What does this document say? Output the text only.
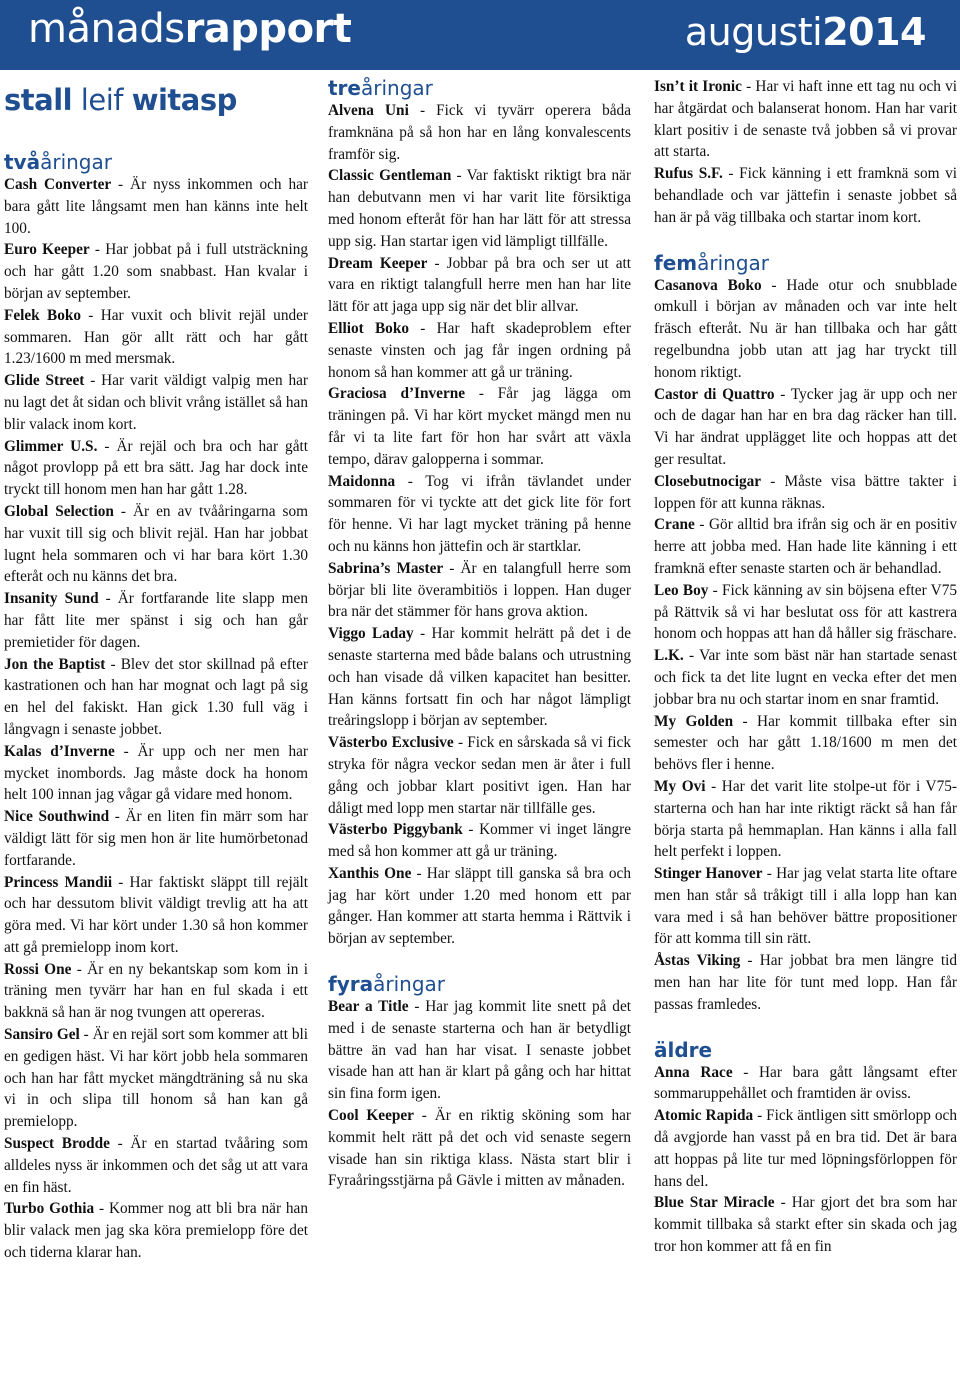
månadsrapport	augusti2014
stall leif witasp
tvååringar

Cash Converter - Är nyss inkommen och har bara gått lite långsamt men han känns inte helt 100.

Euro Keeper - Har jobbat på i full utsträckning och har gått 1.20 som snabbast. Han kvalar i början av september.

Felek Boko - Har vuxit och blivit rejäl under sommaren. Han gör allt rätt och har gått 1.23/1600 m med mersmak.

Glide Street - Har varit väldigt valpig men har nu lagt det åt sidan och blivit vrång istället så han blir valack inom kort.

Glimmer U.S. - Är rejäl och bra och har gått något provlopp på ett bra sätt. Jag har dock inte tryckt till honom men han har gått 1.28.

Global Selection - Är en av tvååringarna som har vuxit till sig och blivit rejäl. Han har jobbat lugnt hela sommaren och vi har bara kört 1.30 efteråt och nu känns det bra.

Insanity Sund - Är fortfarande lite slapp men har fått lite mer spänst i sig och han går premietider för dagen.

Jon the Baptist - Blev det stor skillnad på efter kastrationen och han har mognat och lagt på sig en hel del fakiskt. Han gick 1.30 full väg i långvagn i senaste jobbet.

Kalas d’Inverne - Är upp och ner men har mycket inombords. Jag måste dock ha honom helt 100 innan jag vågar gå vidare med honom.

Nice Southwind - Är en liten fin märr som har väldigt lätt för sig men hon är lite humörbetonad fortfarande.

Princess Mandii - Har faktiskt släppt till rejält och har dessutom blivit väldigt trevlig att ha att göra med. Vi har kört under 1.30 så hon kommer att gå premielopp inom kort.

Rossi One - Är en ny bekantskap som kom in i träning men tyvärr har han en ful skada i ett bakknä så han är nog tvungen att opereras.

Sansiro Gel - Är en rejäl sort som kommer att bli en gedigen häst. Vi har kört jobb hela sommaren och han har fått mycket mängdträning så nu ska vi in och slipa till honom så han kan gå premielopp.

Suspect Brodde - Är en startad tvååring som alldeles nyss är inkommen och det såg ut att vara en fin häst.

Turbo Gothia - Kommer nog att bli bra när han blir valack men jag ska köra premielopp före det och tiderna klarar han.

treåringar

Alvena Uni - Fick vi tyvärr operera båda framknäna på så hon har en lång konvalescents framför sig.

Classic Gentleman - Var faktiskt riktigt bra när han debutvann men vi har varit lite försiktiga med honom efteråt för han har lätt för att stressa upp sig. Han startar igen vid lämpligt tillfälle.

Dream Keeper - Jobbar på bra och ser ut att vara en riktigt talangfull herre men han har lite lätt för att jaga upp sig när det blir allvar.

Elliot Boko - Har haft skadeproblem efter senaste vinsten och jag får ingen ordning på honom så han kommer att gå ur träning.

Graciosa d’Inverne - Får jag lägga om träningen på. Vi har kört mycket mängd men nu får vi ta lite fart för hon har svårt att växla tempo, därav galopperna i sommar.

Maidonna - Tog vi ifrån tävlandet under sommaren för vi tyckte att det gick lite för fort för henne. Vi har lagt mycket träning på henne och nu känns hon jättefin och är startklar.

Sabrina’s Master - Är en talangfull herre som börjar bli lite överambitiös i loppen. Han duger bra när det stämmer för hans grova aktion.

Viggo Laday - Har kommit helrätt på det i de senaste starterna med både balans och utrustning och han visade då vilken kapacitet han besitter. Han känns fortsatt fin och har något lämpligt treåringslopp i början av september.

Västerbo Exclusive - Fick en sårskada så vi fick stryka för några veckor sedan men är åter i full gång och jobbar klart positivt igen. Han har dåligt med lopp men startar när tillfälle ges.

Västerbo Piggybank - Kommer vi inget längre med så hon kommer att gå ur träning.

Xanthis One - Har släppt till ganska så bra och jag har kört under 1.20 med honom ett par gånger. Han kommer att starta hemma i Rättvik i början av september.

fyraåringar

Bear a Title - Har jag kommit lite snett på det med i de senaste starterna och han är betydligt bättre än vad han har visat. I senaste jobbet visade han att han är klart på gång och har hittat sin fina form igen.

Cool Keeper - Är en riktig sköning som har kommit helt rätt på det och vid senaste segern visade han sin riktiga klass. Nästa start blir i Fyraåringsstjärna på Gävle i mitten av månaden.

Isn’t it Ironic - Har vi haft inne ett tag nu och vi har åtgärdat och balanserat honom. Han har varit klart positiv i de senaste två jobben så vi provar att starta.

Rufus S.F. - Fick känning i ett framknä som vi behandlade och var jättefin i senaste jobbet så han är på väg tillbaka och startar inom kort.

femåringar

Casanova Boko - Hade otur och snubblade omkull i början av månaden och var inte helt fräsch efteråt. Nu är han tillbaka och har gått regelbundna jobb utan att jag har tryckt till honom riktigt.

Castor di Quattro - Tycker jag är upp och ner och de dagar han har en bra dag räcker han till. Vi har ändrat upplägget lite och hoppas att det ger resultat.

Closebutnocigar - Måste visa bättre takter i loppen för att kunna räknas.

Crane - Gör alltid bra ifrån sig och är en positiv herre att jobba med. Han hade lite känning i ett framknä efter senaste starten och är behandlad.

Leo Boy - Fick känning av sin böjsena efter V75 på Rättvik så vi har beslutat oss för att kastrera honom och hoppas att han då håller sig fräschare.

L.K. - Var inte som bäst när han startade senast och fick ta det lite lugnt en vecka efter det men jobbar bra nu och startar inom en snar framtid.

My Golden - Har kommit tillbaka efter sin semester och har gått 1.18/1600 m men det behövs fler i henne.

My Ovi - Har det varit lite stolpe-ut för i V75-starterna och han har inte riktigt räckt så han får börja starta på hemmaplan. Han känns i alla fall helt perfekt i loppen.

Stinger Hanover - Har jag velat starta lite oftare men han står så tråkigt till i alla lopp han kan vara med i så han behöver bättre propositioner för att komma till sin rätt.

Åstas Viking - Har jobbat bra men längre tid men han har lite för tunt med lopp. Han får passas framledes.

äldre

Anna Race - Har bara gått långsamt efter sommaruppehållet och framtiden är oviss.

Atomic Rapida - Fick äntligen sitt smörlopp och då avgjorde han vasst på en bra tid. Det är bara att hoppas på lite tur med löpningsförloppen för hans del.

Blue Star Miracle - Har gjort det bra som har kommit tillbaka så starkt efter sin skada och jag tror hon kommer att få en fin
